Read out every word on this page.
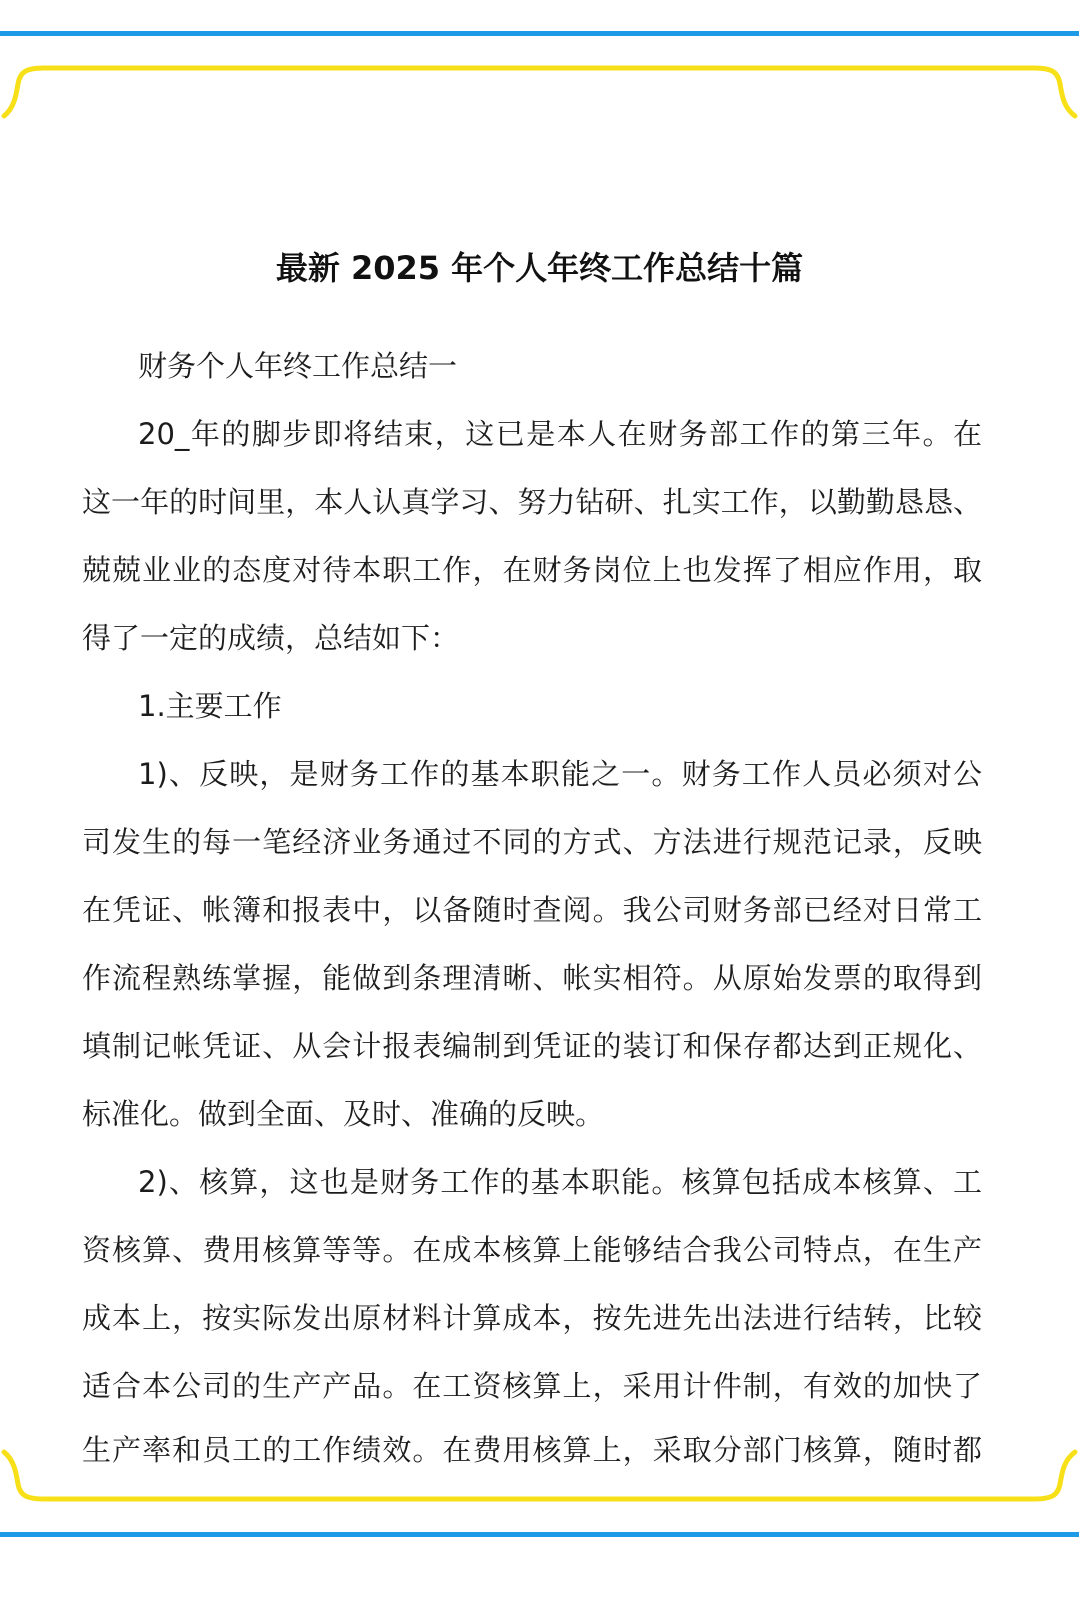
最新 2025 年个人年终工作总结十篇
财务个人年终工作总结一
20_年的脚步即将结束，这已是本人在财务部工作的第三年。在
这一年的时间里，本人认真学习、努力钻研、扎实工作，以勤勤恳恳、
兢兢业业的态度对待本职工作，在财务岗位上也发挥了相应作用，取
得了一定的成绩，总结如下：
1.主要工作
1)、反映，是财务工作的基本职能之一。财务工作人员必须对公
司发生的每一笔经济业务通过不同的方式、方法进行规范记录，反映
在凭证、帐簿和报表中，以备随时查阅。我公司财务部已经对日常工
作流程熟练掌握，能做到条理清晰、帐实相符。从原始发票的取得到
填制记帐凭证、从会计报表编制到凭证的装订和保存都达到正规化、
标准化。做到全面、及时、准确的反映。
2)、核算，这也是财务工作的基本职能。核算包括成本核算、工
资核算、费用核算等等。在成本核算上能够结合我公司特点，在生产
成本上，按实际发出原材料计算成本，按先进先出法进行结转，比较
适合本公司的生产产品。在工资核算上，采用计件制，有效的加快了
生产率和员工的工作绩效。在费用核算上，采取分部门核算，随时都
